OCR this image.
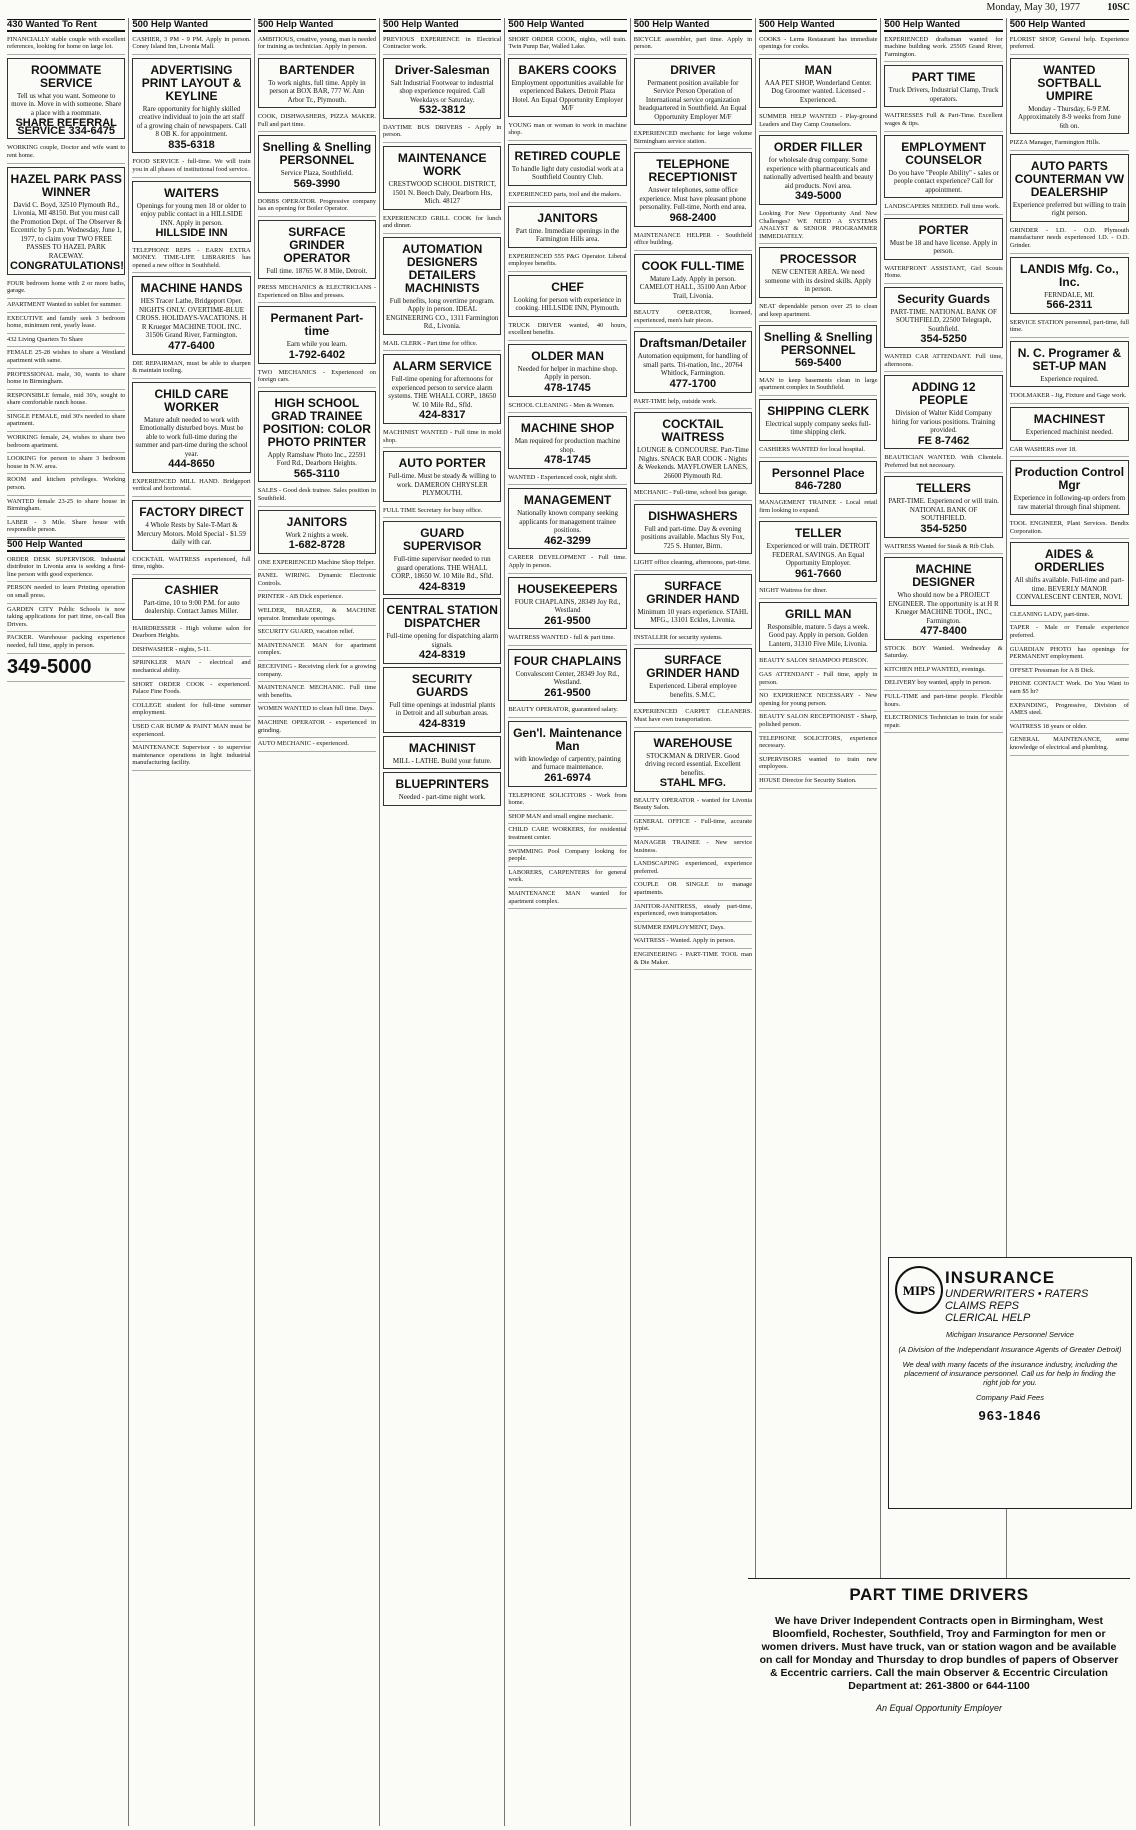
Monday, May 30, 1977	10SC
430 Wanted To Rent
FINANCIALLY stable couple with excellent references, looking for home on large lot.
ROOMMATE SERVICE
Tell us what you want. Someone to move in. Move in with someone. Share a place with a roommate.
SHARE REFERRAL SERVICE 334-6475
WORKING couple, Doctor and wife want to rent home.
HAZEL PARK PASS WINNER
David C. Boyd, 32510 Plymouth Rd., Livonia, MI 48150. But you must call the Promotion Dept. of The Observer & Eccentric by 5 p.m. Wednesday, June 1, 1977, to claim your TWO FREE PASSES TO HAZEL PARK RACEWAY.
CONGRATULATIONS!
FOUR bedroom home with 2 or more baths, garage.
APARTMENT Wanted to sublet for summer.
EXECUTIVE and family seek 3 bedroom home, minimum rent, yearly lease.
432 Living Quarters To Share
FEMALE 25-28 wishes to share a Westland apartment with same.
PROFESSIONAL male, 30, wants to share home in Birmingham.
RESPONSIBLE female, mid 30's, sought to share comfortable ranch house.
SINGLE FEMALE, mid 30's needed to share apartment.
WORKING female, 24, wishes to share two bedroom apartment.
LOOKING for person to share 3 bedroom house in N.W. area.
ROOM and kitchen privileges. Working person.
WANTED female 23-25 to share house in Birmingham.
LABER - 3 Mile. Share house with responsible person.
500 Help Wanted
ORDER DESK SUPERVISOR. Industrial distributor in Livonia area is seeking a first-line person with good experience.
PERSON needed to learn Printing operation on small press.
GARDEN CITY Public Schools is now taking applications for part time, on-call Bus Drivers.
PACKER. Warehouse packing experience needed, full time, apply in person.
349-5000
500 Help Wanted
CASHIER, 3 PM - 9 PM. Apply in person. Coney Island Inn, Livonia Mall.
ADVERTISING PRINT LAYOUT & KEYLINE
Rare opportunity for highly skilled creative individual to join the art staff of a growing chain of newspapers. Call 8 OB K. for appointment.
835-6318
FOOD SERVICE - full-time. We will train you in all phases of institutional food service.
WAITERS
Openings for young men 18 or older to enjoy public contact in a HILLSIDE INN. Apply in person.
HILLSIDE INN
TELEPHONE REPS - EARN EXTRA MONEY. TIME-LIFE LIBRARIES has opened a new office in Southfield.
MACHINE HANDS
HES Tracer Lathe, Bridgeport Oper. NIGHTS ONLY. OVERTIME-BLUE CROSS. HOLIDAYS-VACATIONS. H R Krueger MACHINE TOOL INC. 31506 Grand River, Farmington.
477-6400
DIE REPAIRMAN, must be able to sharpen & maintain tooling.
CHILD CARE WORKER
Mature adult needed to work with Emotionally disturbed boys. Must be able to work full-time during the summer and part-time during the school year.
444-8650
EXPERIENCED MILL HAND. Bridgeport vertical and horizontal.
FACTORY DIRECT
4 Whole Rests by Sale-T-Mart & Mercury Motors. Mold Special - $1.59 daily with car.
COCKTAIL WAITRESS experienced, full time, nights.
CASHIER
Part-time, 10 to 9:00 P.M. for auto dealership. Contact James Miller.
HAIRDRESSER - High volume salon for Dearborn Heights.
DISHWASHER - nights, 5-11.
SPRINKLER MAN - electrical and mechanical ability.
SHORT ORDER COOK - experienced. Palace Fine Foods.
COLLEGE student for full-time summer employment.
USED CAR BUMP & PAINT MAN must be experienced.
MAINTENANCE Supervisor - to supervise maintenance operations in light industrial manufacturing facility.
500 Help Wanted
AMBITIOUS, creative, young, man is needed for training as technician. Apply in person.
BARTENDER
To work nights, full time. Apply in person at BOX BAR, 777 W. Ann Arbor Tr., Plymouth.
COOK, DISHWASHERS, PIZZA MAKER. Full and part time.
Snelling & Snelling PERSONNEL
Service Plaza, Southfield.
569-3990
DOBBS OPERATOR. Progressive company has an opening for Boiler Operator.
SURFACE GRINDER OPERATOR
Full time. 18765 W. 8 Mile, Detroit.
PRESS MECHANICS & ELECTRICIANS - Experienced on Bliss and presses.
Permanent Part-time
Earn while you learn.
1-792-6402
TWO MECHANICS - Experienced on foreign cars.
HIGH SCHOOL GRAD TRAINEE POSITION: COLOR PHOTO PRINTER
Apply Ramshaw Photo Inc., 22591 Ford Rd., Dearborn Heights.
565-3110
SALES - Good desk trainee. Sales position in Southfield.
JANITORS
Work 2 nights a week.
1-682-8728
ONE EXPERIENCED Machine Shop Helper.
PANEL WIRING. Dynamic Electronic Controls.
PRINTER - AB Dick experience.
WELDER, BRAZER, & MACHINE operator. Immediate openings.
SECURITY GUARD, vacation relief.
MAINTENANCE MAN for apartment complex.
RECEIVING - Receiving clerk for a growing company.
MAINTENANCE MECHANIC. Full time with benefits.
WOMEN WANTED to clean full time. Days.
MACHINE OPERATOR - experienced in grinding.
AUTO MECHANIC - experienced.
500 Help Wanted
PREVIOUS EXPERIENCE in Electrical Contractor work.
Driver-Salesman
Salt Industrial Footwear to industrial shop experience required. Call Weekdays or Saturday.
532-3812
DAYTIME BUS DRIVERS - Apply in person.
MAINTENANCE WORK
CRESTWOOD SCHOOL DISTRICT, 1501 N. Beech Daly, Dearborn Hts, Mich. 48127
EXPERIENCED GRILL COOK for lunch and dinner.
AUTOMATION DESIGNERS DETAILERS MACHINISTS
Full benefits, long overtime program. Apply in person. IDEAL ENGINEERING CO., 1311 Farmington Rd., Livonia.
MAIL CLERK - Part time for office.
ALARM SERVICE
Full-time opening for afternoons for experienced person to service alarm systems. THE WHALL CORP., 18650 W. 10 Mile Rd., Sfld.
424-8317
MACHINIST WANTED - Full time in mold shop.
AUTO PORTER
Full-time. Must be steady & willing to work. DAMERON CHRYSLER PLYMOUTH.
FULL TIME Secretary for busy office.
GUARD SUPERVISOR
Full-time supervisor needed to run guard operations. THE WHALL CORP., 18650 W. 10 Mile Rd., Sfld.
424-8319
CENTRAL STATION DISPATCHER
Full-time opening for dispatching alarm signals.
424-8319
SECURITY GUARDS
Full time openings at industrial plants in Detroit and all suburban areas.
424-8319
MACHINIST
MILL - LATHE. Build your future.
BLUEPRINTERS
Needed - part-time night work.
500 Help Wanted
SHORT ORDER COOK, nights, will train. Twin Pump Bar, Walled Lake.
BAKERS COOKS
Employment opportunities available for experienced Bakers. Detroit Plaza Hotel. An Equal Opportunity Employer M/F
YOUNG man or woman to work in machine shop.
RETIRED COUPLE
To handle light duty custodial work at a Southfield Country Club.
EXPERIENCED parts, tool and die makers.
JANITORS
Part time. Immediate openings in the Farmington Hills area.
EXPERIENCED 555 P&G Operator. Liberal employee benefits.
CHEF
Looking for person with experience in cooking. HILLSIDE INN, Plymouth.
TRUCK DRIVER wanted, 40 hours, excellent benefits.
OLDER MAN
Needed for helper in machine shop. Apply in person.
478-1745
SCHOOL CLEANING - Men & Women.
MACHINE SHOP
Man required for production machine shop.
478-1745
WANTED - Experienced cook, night shift.
MANAGEMENT
Nationally known company seeking applicants for management trainee positions.
462-3299
CAREER DEVELOPMENT - Full time. Apply in person.
HOUSEKEEPERS
FOUR CHAPLAINS, 28349 Joy Rd., Westland
261-9500
WAITRESS WANTED - full & part time.
FOUR CHAPLAINS
Convalescent Center, 28349 Joy Rd., Westland.
261-9500
BEAUTY OPERATOR, guaranteed salary.
Gen'l. Maintenance Man
with knowledge of carpentry, painting and furnace maintenance.
261-6974
TELEPHONE SOLICITORS - Work from home.
SHOP MAN and small engine mechanic.
CHILD CARE WORKERS, for residential treatment center.
SWIMMING Pool Company looking for people.
LABORERS, CARPENTERS for general work.
MAINTENANCE MAN wanted for apartment complex.
500 Help Wanted
BICYCLE assembler, part time. Apply in person.
DRIVER
Permanent position available for Service Person Operation of International service organization headquartered in Southfield. An Equal Opportunity Employer M/F
EXPERIENCED mechanic for large volume Birmingham service station.
TELEPHONE RECEPTIONIST
Answer telephones, some office experience. Must have pleasant phone personality. Full-time, North end area.
968-2400
MAINTENANCE HELPER - Southfield office building.
COOK FULL-TIME
Mature Lady. Apply in person. CAMELOT HALL, 35100 Ann Arbor Trail, Livonia.
BEAUTY OPERATOR, licensed, experienced, men's hair pieces.
Draftsman/Detailer
Automation equipment, for handling of small parts. Tri-mation, Inc., 20764 Whitlock, Farmington.
477-1700
PART-TIME help, outside work.
COCKTAIL WAITRESS
LOUNGE & CONCOURSE. Part-Time Nights. SNACK BAR COOK - Nights & Weekends. MAYFLOWER LANES, 26600 Plymouth Rd.
MECHANIC - Full-time, school bus garage.
DISHWASHERS
Full and part-time. Day & evening positions available. Machus Sly Fox, 725 S. Hunter, Birm.
LIGHT office cleaning, afternoons, part-time.
SURFACE GRINDER HAND
Minimum 10 years experience. STAHL MFG., 13101 Eckles, Livonia.
INSTALLER for security systems.
SURFACE GRINDER HAND
Experienced. Liberal employee benefits. S.M.C.
EXPERIENCED CARPET CLEANERS. Must have own transportation.
WAREHOUSE
STOCKMAN & DRIVER. Good driving record essential. Excellent benefits.
STAHL MFG.
BEAUTY OPERATOR - wanted for Livonia Beauty Salon.
GENERAL OFFICE - Full-time, accurate typist.
MANAGER TRAINEE - New service business.
LANDSCAPING experienced, experience preferred.
COUPLE OR SINGLE to manage apartments.
JANITOR-JANITRESS, steady part-time, experienced, own transportation.
SUMMER EMPLOYMENT, Days.
WAITRESS - Wanted. Apply in person.
ENGINEERING - PART-TIME TOOL man & Die Maker.
500 Help Wanted
COOKS - Lerns Restaurant has immediate openings for cooks.
MAN
AAA PET SHOP, Wonderland Center. Dog Groomer wanted. Licensed - Experienced.
SUMMER HELP WANTED - Play-ground Leaders and Day Camp Counselors.
ORDER FILLER
for wholesale drug company. Some experience with pharmaceuticals and nationally advertised health and beauty aid products. Novi area.
349-5000
Looking For New Opportunity And New Challenges? WE NEED A SYSTEMS ANALYST & SENIOR PROGRAMMER IMMEDIATELY.
PROCESSOR
NEW CENTER AREA. We need someone with its desired skills. Apply in person.
NEAT dependable person over 25 to clean and keep apartment.
Snelling & Snelling PERSONNEL
569-5400
MAN to keep basements clean in large apartment complex in Southfield.
SHIPPING CLERK
Electrical supply company seeks full-time shipping clerk.
CASHIERS WANTED for local hospital.
Personnel Place
846-7280
MANAGEMENT TRAINEE - Local retail firm looking to expand.
TELLER
Experienced or will train. DETROIT FEDERAL SAVINGS. An Equal Opportunity Employer.
961-7660
NIGHT Waitress for diner.
GRILL MAN
Responsible, mature. 5 days a week. Good pay. Apply in person. Golden Lantern, 31310 Five Mile, Livonia.
BEAUTY SALON SHAMPOO PERSON.
GAS ATTENDANT - Full time, apply in person.
NO EXPERIENCE NECESSARY - New opening for young person.
BEAUTY SALON RECEPTIONIST - Sharp, polished person.
TELEPHONE SOLICITORS, experience necessary.
SUPERVISORS wanted to train new employees.
HOUSE Director for Security Station.
500 Help Wanted
EXPERIENCED draftsman wanted for machine building work. 25505 Grand River, Farmington.
PART TIME
Truck Drivers, Industrial Clamp, Truck operators.
WAITRESSES Full & Part-Time. Excellent wages & tips.
EMPLOYMENT COUNSELOR
Do you have "People Ability" - sales or people contact experience? Call for appointment.
LANDSCAPERS NEEDED. Full time work.
PORTER
Must be 18 and have license. Apply in person.
WATERFRONT ASSISTANT, Girl Scouts Home.
Security Guards
PART-TIME. NATIONAL BANK OF SOUTHFIELD, 22500 Telegraph, Southfield.
354-5250
WANTED CAR ATTENDANT. Full time, afternoons.
ADDING 12 PEOPLE
Division of Walter Kidd Company hiring for various positions. Training provided.
FE 8-7462
BEAUTICIAN WANTED. With Clientele. Preferred but not necessary.
TELLERS
PART-TIME. Experienced or will train. NATIONAL BANK OF SOUTHFIELD.
354-5250
WAITRESS Wanted for Steak & Rib Club.
MACHINE DESIGNER
Who should now be a PROJECT ENGINEER. The opportunity is at H R Krueger MACHINE TOOL, INC., Farmington.
477-8400
STOCK BOY Wanted. Wednesday & Saturday.
KITCHEN HELP WANTED, evenings.
DELIVERY boy wanted, apply in person.
FULL-TIME and part-time people. Flexible hours.
ELECTRONICS Technician to train for scale repair.
500 Help Wanted
FLORIST SHOP, General help. Experience preferred.
WANTED SOFTBALL UMPIRE
Monday - Thursday, 6-9 P.M. Approximately 8-9 weeks from June 6th on.
PIZZA Manager, Farmington Hills.
AUTO PARTS COUNTERMAN VW DEALERSHIP
Experience preferred but willing to train right person.
GRINDER - I.D. - O.D. Plymouth manufacturer needs experienced I.D. - O.D. Grinder.
LANDIS Mfg. Co., Inc.
FERNDALE, MI.
566-2311
SERVICE STATION personnel, part-time, full time.
N. C. Programer & SET-UP MAN
Experience required.
TOOLMAKER - Jig, Fixture and Gage work.
MACHINEST
Experienced machinist needed.
CAR WASHERS over 18.
Production Control Mgr
Experience in following-up orders from raw material through final shipment.
TOOL ENGINEER, Plant Services. Bendix Corporation.
AIDES & ORDERLIES
All shifts available. Full-time and part-time. BEVERLY MANOR CONVALESCENT CENTER, NOVI.
CLEANING LADY, part-time.
TAPER - Male or Female experience preferred.
GUARDIAN PHOTO has openings for PERMANENT employment.
OFFSET Pressman for A B Dick.
PHONE CONTACT Work. Do You Want to earn $5 hr?
EXPANDING, Progressive, Division of AMES steel.
WAITRESS 18 years or older.
GENERAL MAINTENANCE, some knowledge of electrical and plumbing.
MIPS
INSURANCE
UNDERWRITERS • RATERS
CLAIMS REPS
CLERICAL HELP
Michigan Insurance Personnel Service
(A Division of the Independant Insurance Agents of Greater Detroit)
We deal with many facets of the insurance industry, including the placement of insurance personnel. Call us for help in finding the right job for you.
Company Paid Fees
963-1846
PART TIME DRIVERS
We have Driver Independent Contracts open in Birmingham, West Bloomfield, Rochester, Southfield, Troy and Farmington for men or women drivers. Must have truck, van or station wagon and be available on call for Monday and Thursday to drop bundles of papers of Observer & Eccentric carriers. Call the main Observer & Eccentric Circulation Department at: 261-3800 or 644-1100
An Equal Opportunity Employer
